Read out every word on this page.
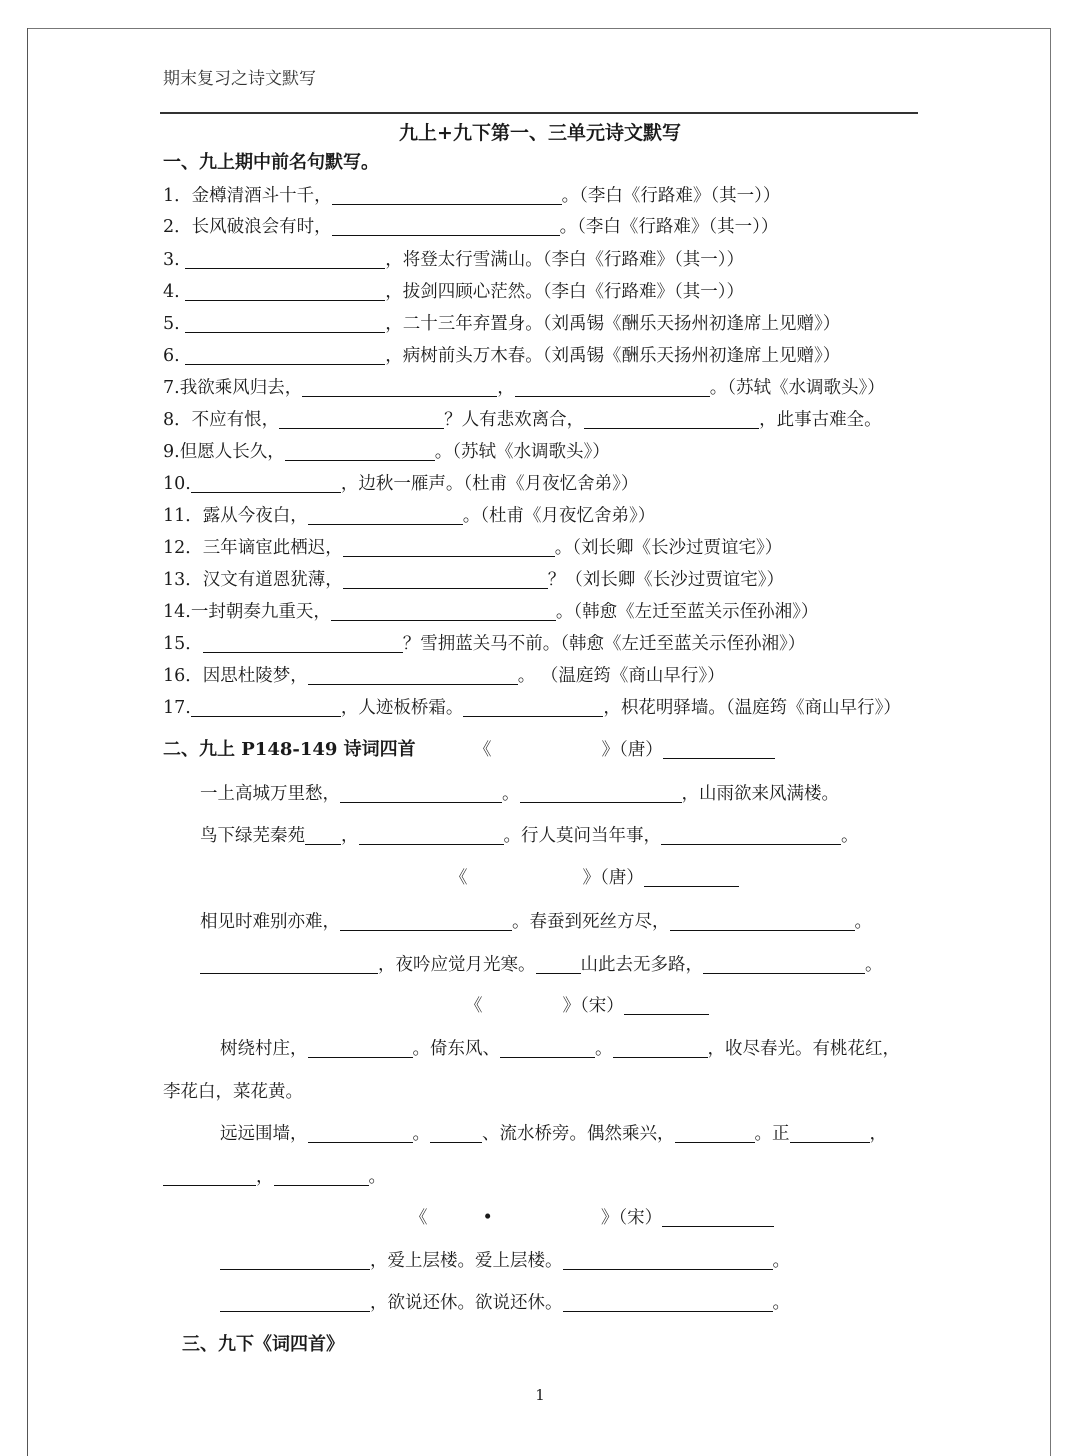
期末复习之诗文默写
九上+九下第一、三单元诗文默写
一、九上期中前名句默写。
1．金樽清酒斗十千，	。（李白《行路难》（其一））
2．长风破浪会有时，	。（李白《行路难》（其一））
3.	，将登太行雪满山。（李白《行路难》（其一））
4.	，拔剑四顾心茫然。（李白《行路难》（其一））
5.	，二十三年弃置身。（刘禹锡《酬乐天扬州初逢席上见赠》）
6.	，病树前头万木春。（刘禹锡《酬乐天扬州初逢席上见赠》）
7.我欲乘风归去，	，	。（苏轼《水调歌头》）
8．不应有恨，	？人有悲欢离合，	，此事古难全。
9.但愿人长久，	。（苏轼《水调歌头》）
10.	，边秋一雁声。（杜甫《月夜忆舍弟》）
11．露从今夜白，	。（杜甫《月夜忆舍弟》）
12．三年谪宦此栖迟，	。（刘长卿《长沙过贾谊宅》）
13．汉文有道恩犹薄，	？（刘长卿《长沙过贾谊宅》）
14.一封朝奏九重天，	。（韩愈《左迁至蓝关示侄孙湘》）
15．	？雪拥蓝关马不前。（韩愈《左迁至蓝关示侄孙湘》）
16．因思杜陵梦，	。 （温庭筠《商山早行》）
17.	，人迹板桥霜。	，枳花明驿墙。（温庭筠《商山早行》）
二、九上 P148-149 诗词四首	《	》（唐）
一上高城万里愁，	。	，山雨欲来风满楼。
鸟下绿芜秦苑 ，	。行人莫问当年事，	。
《	》（唐）
相见时难别亦难，	。春蚕到死丝方尽，	。
，夜吟应觉月光寒。	山此去无多路，	。
《	》（宋）
树绕村庄，	。倚东风、	。	，收尽春光。有桃花红，
李花白，菜花黄。
远远围墙，	。	、流水桥旁。偶然乘兴，	。正	，
，	。
《	•	》（宋）
，爱上层楼。爱上层楼。	。
，欲说还休。欲说还休。	。
三、九下《词四首》
1
